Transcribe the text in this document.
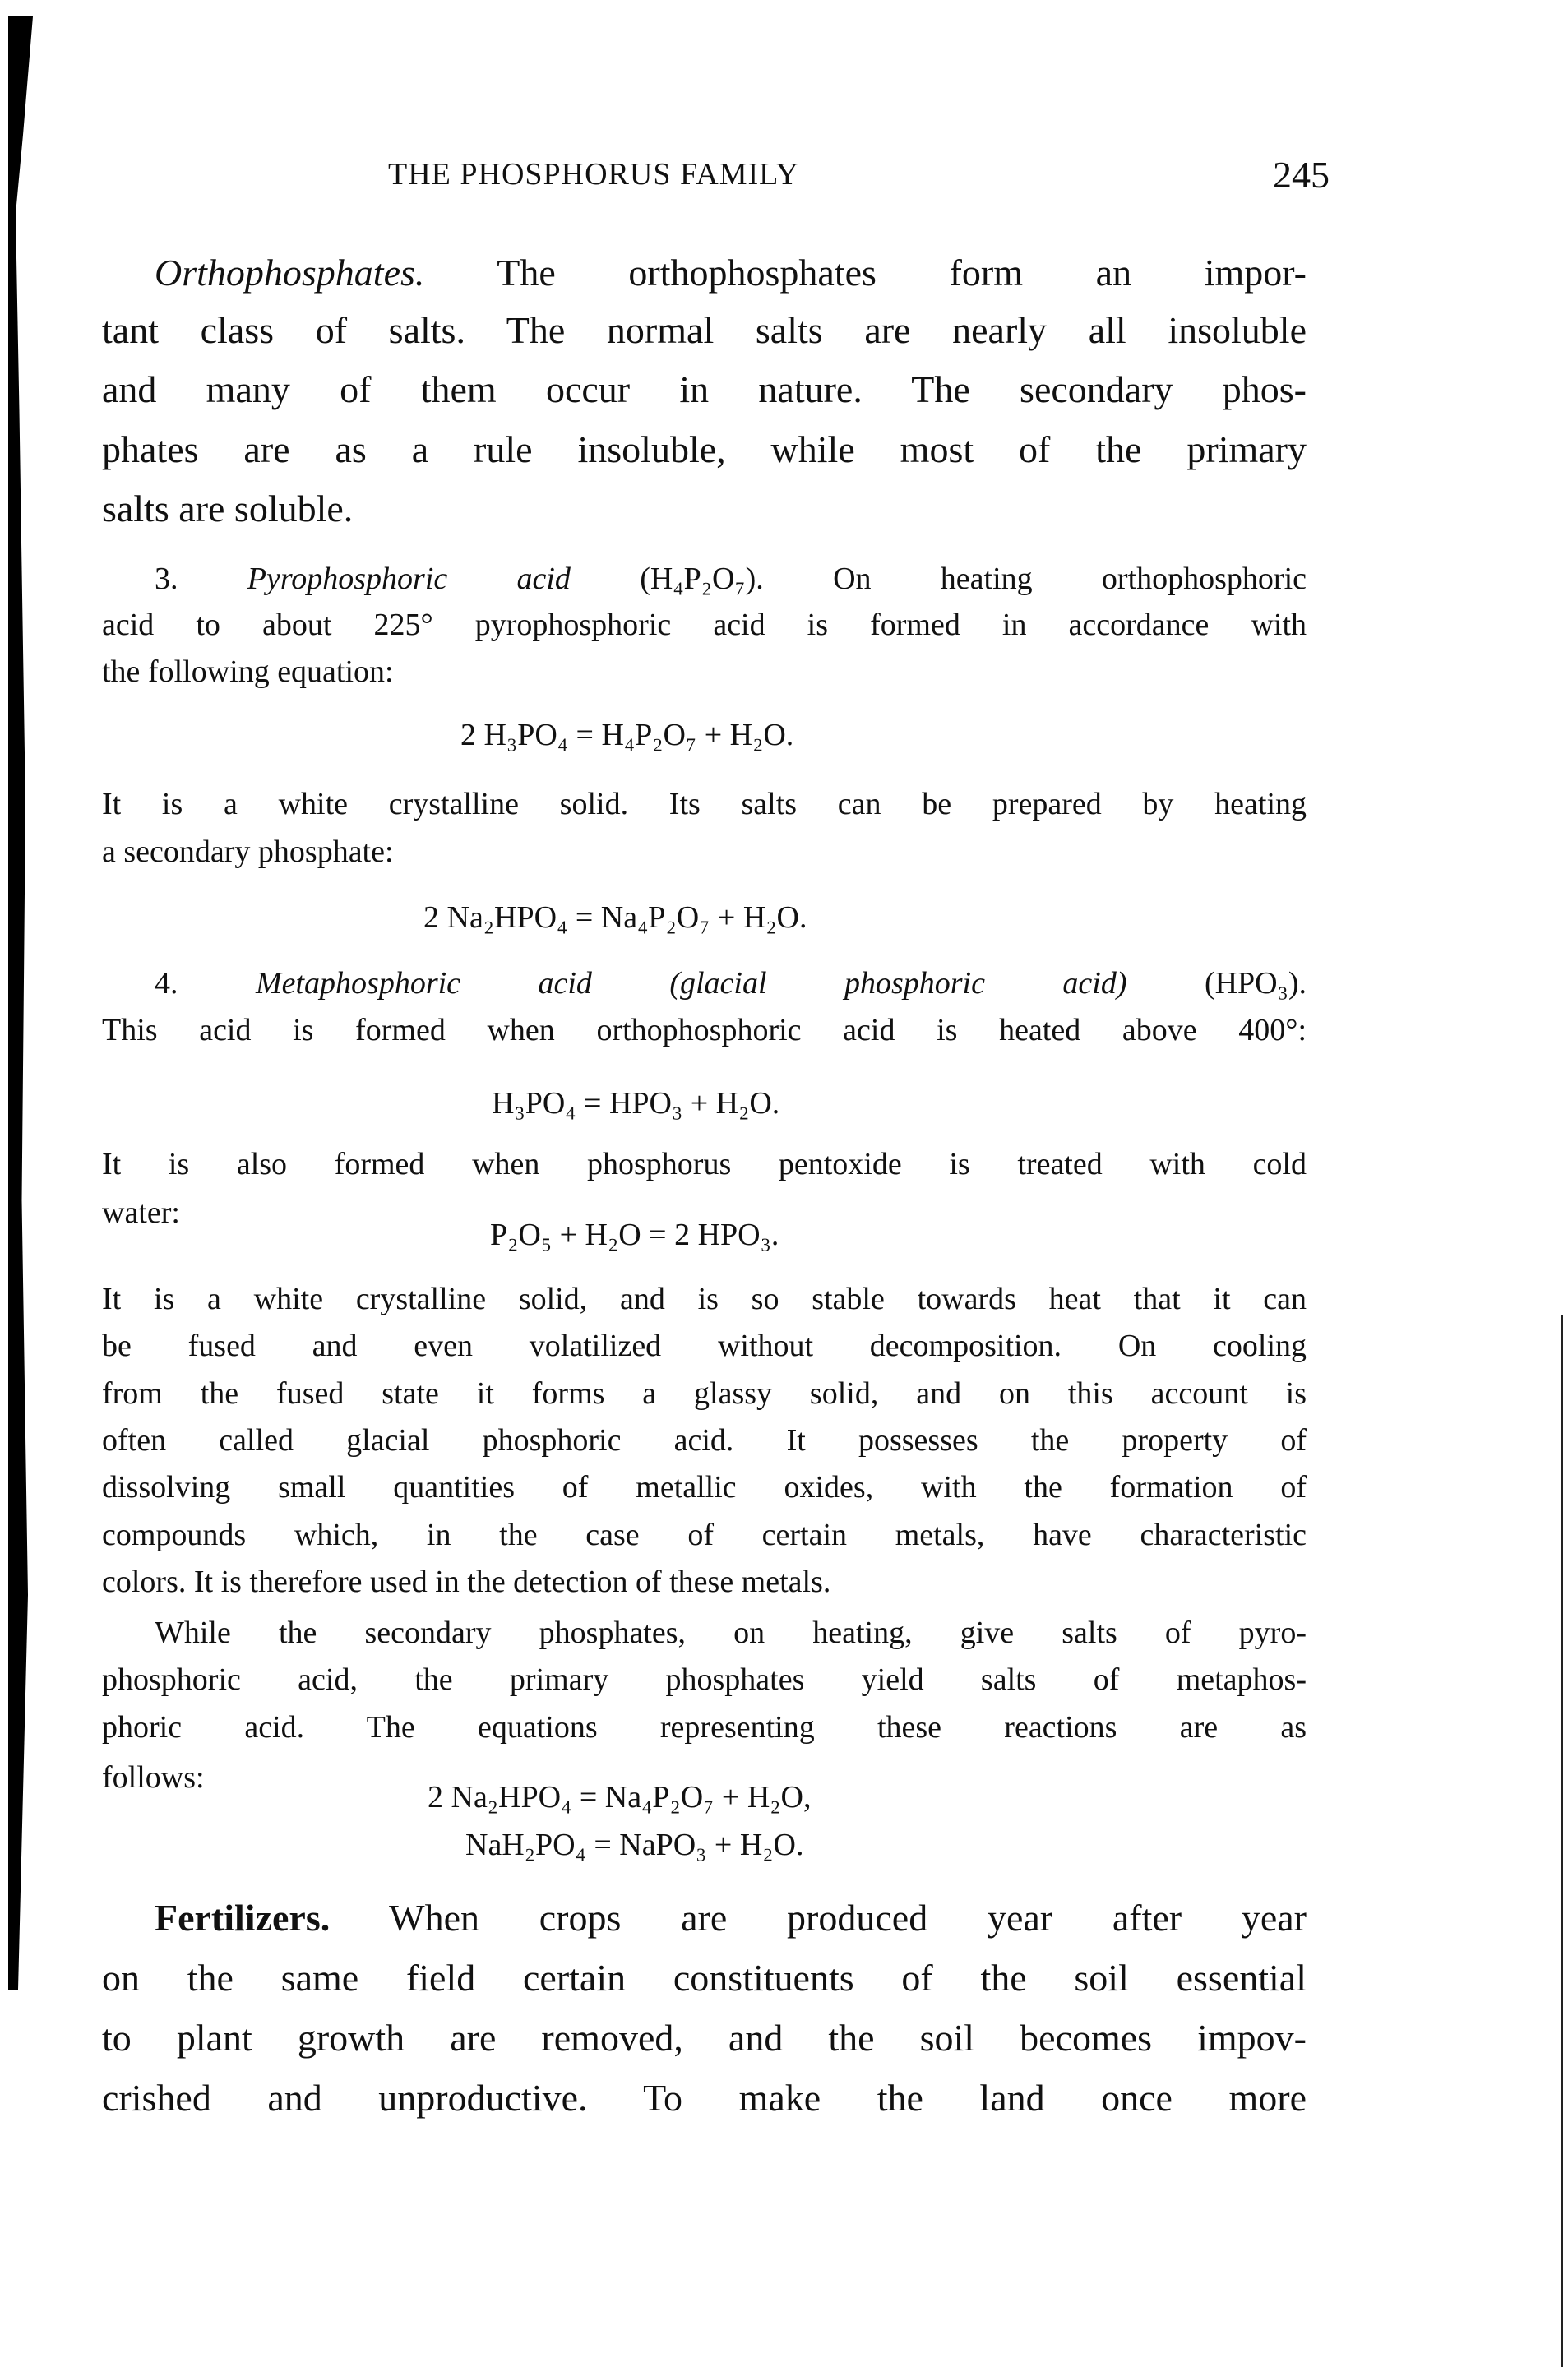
THE PHOSPHORUS FAMILY	245
Orthophosphates. The orthophosphates form an impor-
tant class of salts. The normal salts are nearly all insoluble
and many of them occur in nature. The secondary phos-
phates are as a rule insoluble, while most of the primary
salts are soluble.
3. Pyrophosphoric acid (H₄P₂O₇). On heating orthophosphoric
acid to about 225° pyrophosphoric acid is formed in accordance with
the following equation:
2 H₃PO₄ = H₄P₂O₇ + H₂O.
It is a white crystalline solid. Its salts can be prepared by heating
a secondary phosphate:
2 Na₂HPO₄ = Na₄P₂O₇ + H₂O.
4. Metaphosphoric acid (glacial phosphoric acid) (HPO₃).
This acid is formed when orthophosphoric acid is heated above 400°:
H₃PO₄ = HPO₃ + H₂O.
It is also formed when phosphorus pentoxide is treated with cold
water:
P₂O₅ + H₂O = 2 HPO₃.
It is a white crystalline solid, and is so stable towards heat that it can
be fused and even volatilized without decomposition. On cooling
from the fused state it forms a glassy solid, and on this account is
often called glacial phosphoric acid. It possesses the property of
dissolving small quantities of metallic oxides, with the formation of
compounds which, in the case of certain metals, have characteristic
colors. It is therefore used in the detection of these metals.
While the secondary phosphates, on heating, give salts of pyro-
phosphoric acid, the primary phosphates yield salts of metaphos-
phoric acid. The equations representing these reactions are as
follows:
2 Na₂HPO₄ = Na₄P₂O₇ + H₂O,
NaH₂PO₄ = NaPO₃ + H₂O.
Fertilizers. When crops are produced year after year
on the same field certain constituents of the soil essential
to plant growth are removed, and the soil becomes impov-
crished and unproductive. To make the land once more
